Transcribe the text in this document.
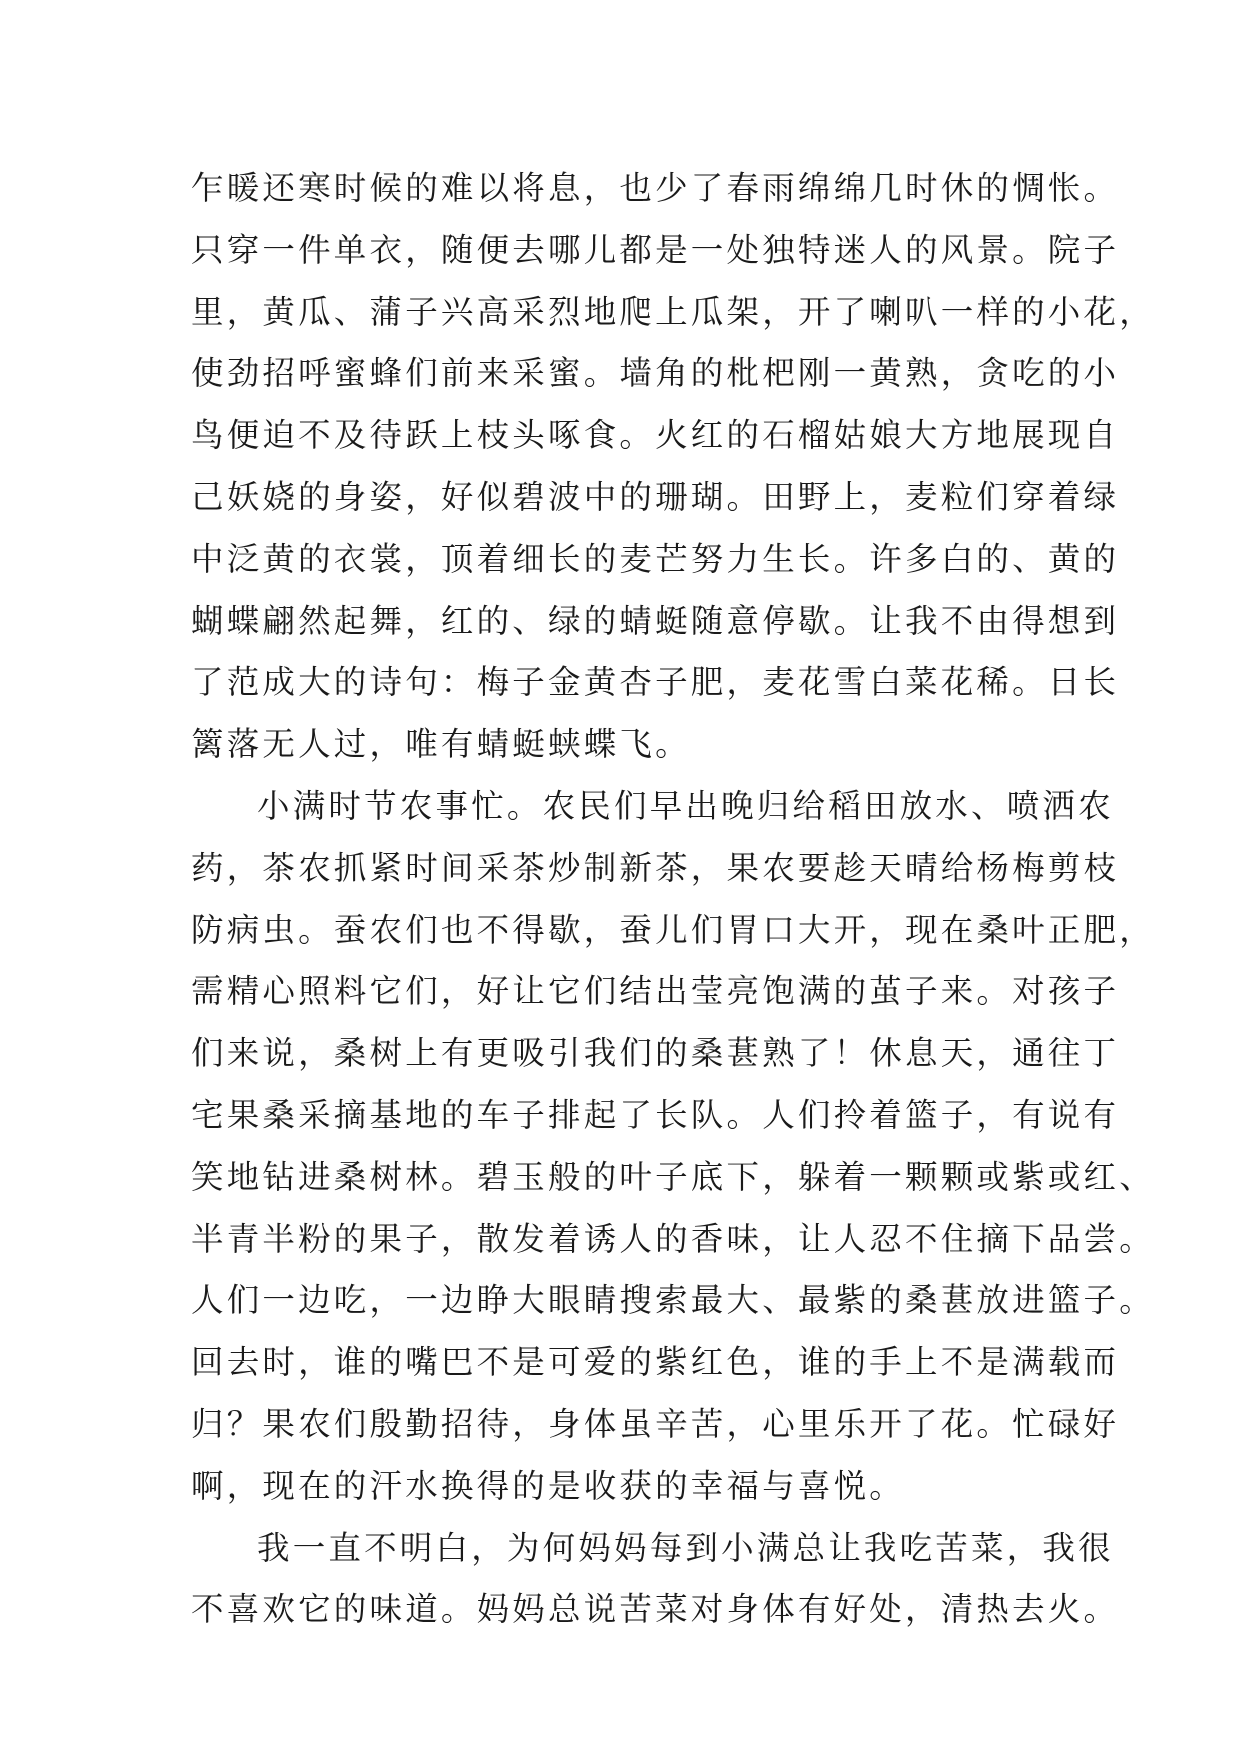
乍暖还寒时候的难以将息，也少了春雨绵绵几时休的惆怅。
只穿一件单衣，随便去哪儿都是一处独特迷人的风景。院子
里，黄瓜、蒲子兴高采烈地爬上瓜架，开了喇叭一样的小花，
使劲招呼蜜蜂们前来采蜜。墙角的枇杷刚一黄熟，贪吃的小
鸟便迫不及待跃上枝头啄食。火红的石榴姑娘大方地展现自
己妖娆的身姿，好似碧波中的珊瑚。田野上，麦粒们穿着绿
中泛黄的衣裳，顶着细长的麦芒努力生长。许多白的、黄的
蝴蝶翩然起舞，红的、绿的蜻蜓随意停歇。让我不由得想到
了范成大的诗句：梅子金黄杏子肥，麦花雪白菜花稀。日长
篱落无人过，唯有蜻蜓蛱蝶飞。
小满时节农事忙。农民们早出晚归给稻田放水、喷洒农
药，茶农抓紧时间采茶炒制新茶，果农要趁天晴给杨梅剪枝
防病虫。蚕农们也不得歇，蚕儿们胃口大开，现在桑叶正肥，
需精心照料它们，好让它们结出莹亮饱满的茧子来。对孩子
们来说，桑树上有更吸引我们的桑葚熟了！休息天，通往丁
宅果桑采摘基地的车子排起了长队。人们拎着篮子，有说有
笑地钻进桑树林。碧玉般的叶子底下，躲着一颗颗或紫或红、
半青半粉的果子，散发着诱人的香味，让人忍不住摘下品尝。
人们一边吃，一边睁大眼睛搜索最大、最紫的桑葚放进篮子。
回去时，谁的嘴巴不是可爱的紫红色，谁的手上不是满载而
归？果农们殷勤招待，身体虽辛苦，心里乐开了花。忙碌好
啊，现在的汗水换得的是收获的幸福与喜悦。
我一直不明白，为何妈妈每到小满总让我吃苦菜，我很
不喜欢它的味道。妈妈总说苦菜对身体有好处，清热去火。
